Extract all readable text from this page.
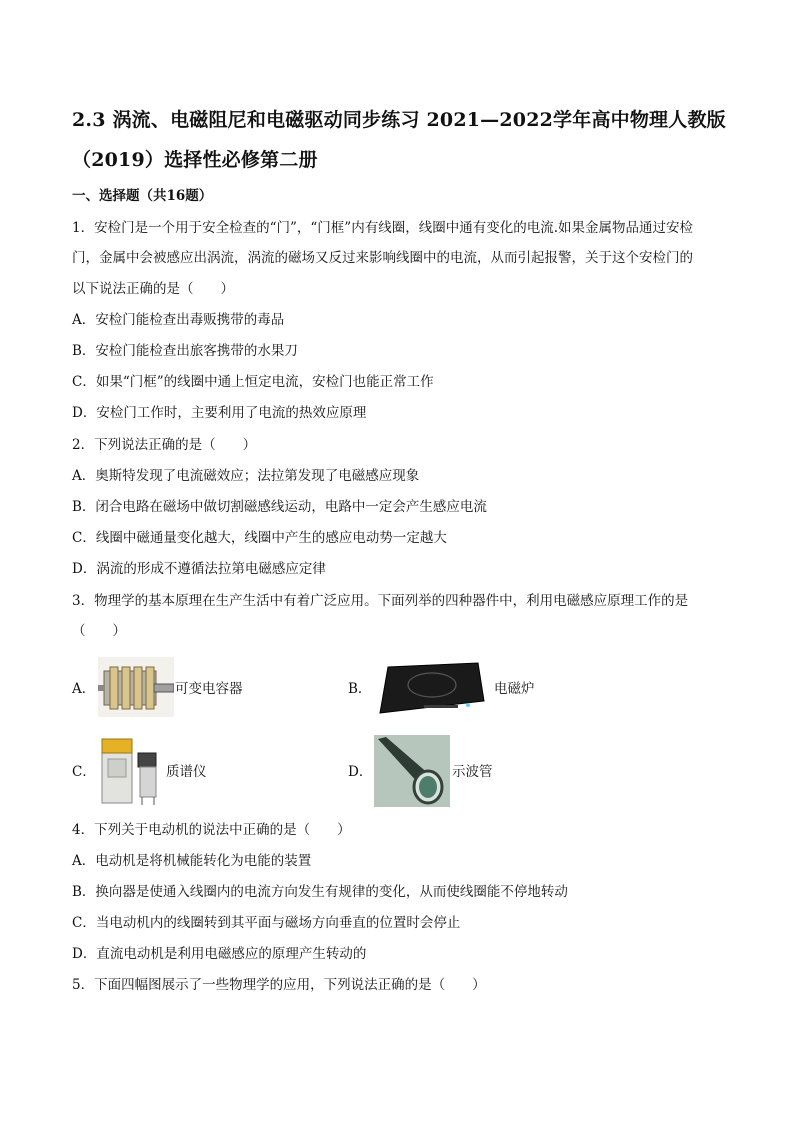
2.3 涡流、电磁阻尼和电磁驱动同步练习 2021—2022学年高中物理人教版（2019）选择性必修第二册
一、选择题（共16题）
1．安检门是一个用于安全检查的“门”，“门框”内有线圈，线圈中通有变化的电流.如果金属物品通过安检
门，金属中会被感应出涡流，涡流的磁场又反过来影响线圈中的电流，从而引起报警，关于这个安检门的
以下说法正确的是（　　）
A．安检门能检查出毒贩携带的毒品
B．安检门能检查出旅客携带的水果刀
C．如果“门框”的线圈中通上恒定电流，安检门也能正常工作
D．安检门工作时，主要利用了电流的热效应原理
2．下列说法正确的是（　　）
A．奥斯特发现了电流磁效应；法拉第发现了电磁感应现象
B．闭合电路在磁场中做切割磁感线运动，电路中一定会产生感应电流
C．线圈中磁通量变化越大，线圈中产生的感应电动势一定越大
D．涡流的形成不遵循法拉第电磁感应定律
3．物理学的基本原理在生产生活中有着广泛应用。下面列举的四种器件中，利用电磁感应原理工作的是
（　　）
A．	可变电容器	B．	电磁炉
C．	质谱仪	D．	示波管
4．下列关于电动机的说法中正确的是（　　）
A．电动机是将机械能转化为电能的装置
B．换向器是使通入线圈内的电流方向发生有规律的变化，从而使线圈能不停地转动
C．当电动机内的线圈转到其平面与磁场方向垂直的位置时会停止
D．直流电动机是利用电磁感应的原理产生转动的
5．下面四幅图展示了一些物理学的应用，下列说法正确的是（　　）
